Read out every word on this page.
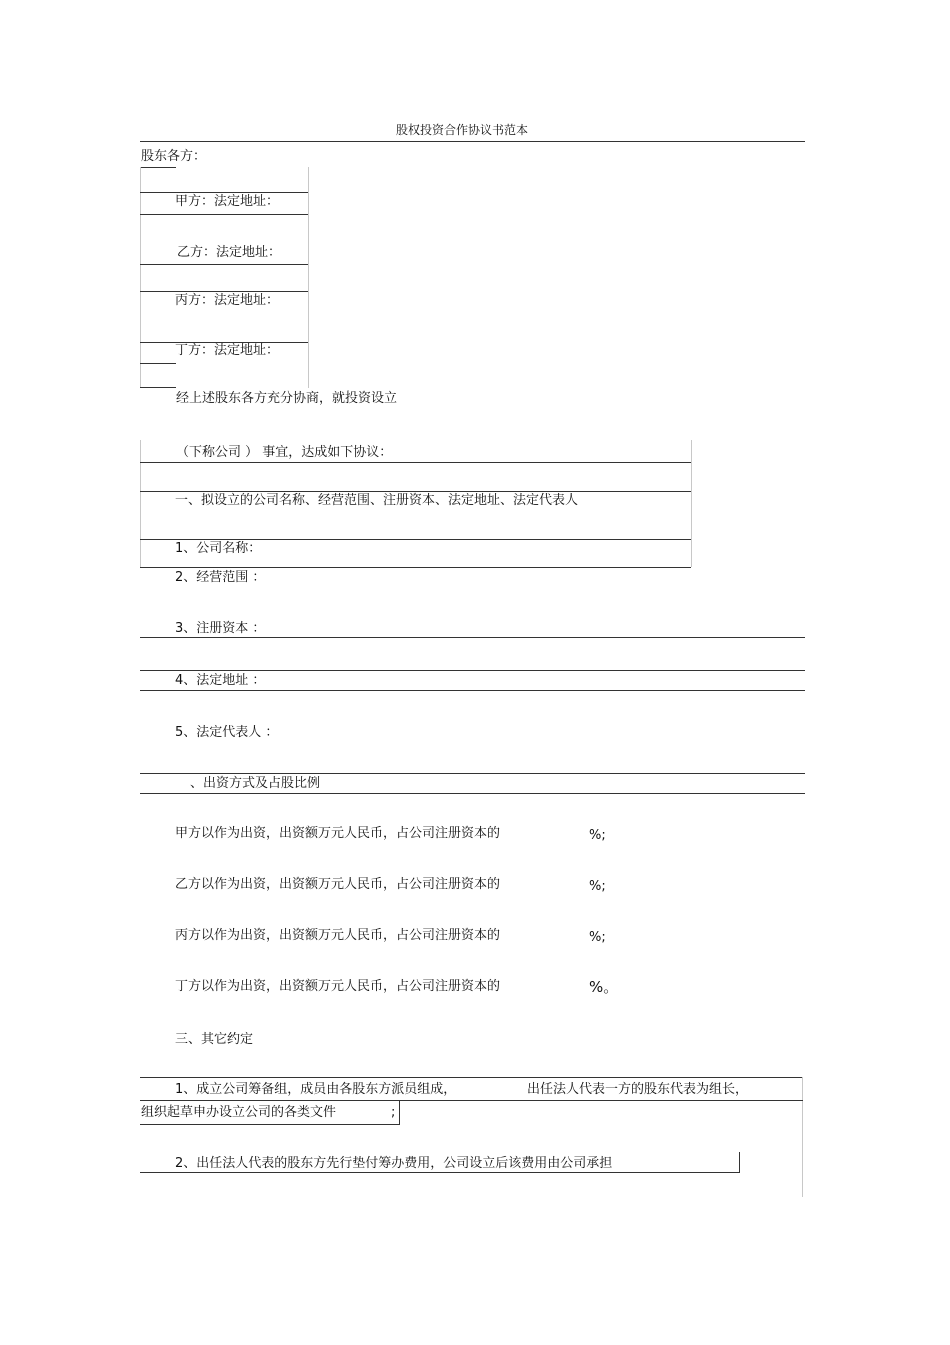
股权投资合作协议书范本
股东各方：
甲方：法定地址：
乙方：法定地址：
丙方：法定地址：
丁方：法定地址：
经上述股东各方充分协商，就投资设立
（下称公司 ） 事宜，达成如下协议：
一、拟设立的公司名称、经营范围、注册资本、法定地址、法定代表人
1、公司名称：
2、经营范围 ：
3、注册资本 ：
4、法定地址 ：
5、法定代表人 ：
、出资方式及占股比例
甲方以作为出资，出资额万元人民币，占公司注册资本的	%;
乙方以作为出资，出资额万元人民币，占公司注册资本的	%;
丙方以作为出资，出资额万元人民币，占公司注册资本的	%;
丁方以作为出资，出资额万元人民币，占公司注册资本的	%。
三、其它约定
1、成立公司筹备组，成员由各股东方派员组成，	出任法人代表一方的股东代表为组长，
组织起草申办设立公司的各类文件	;
2、出任法人代表的股东方先行垫付筹办费用，公司设立后该费用由公司承担
